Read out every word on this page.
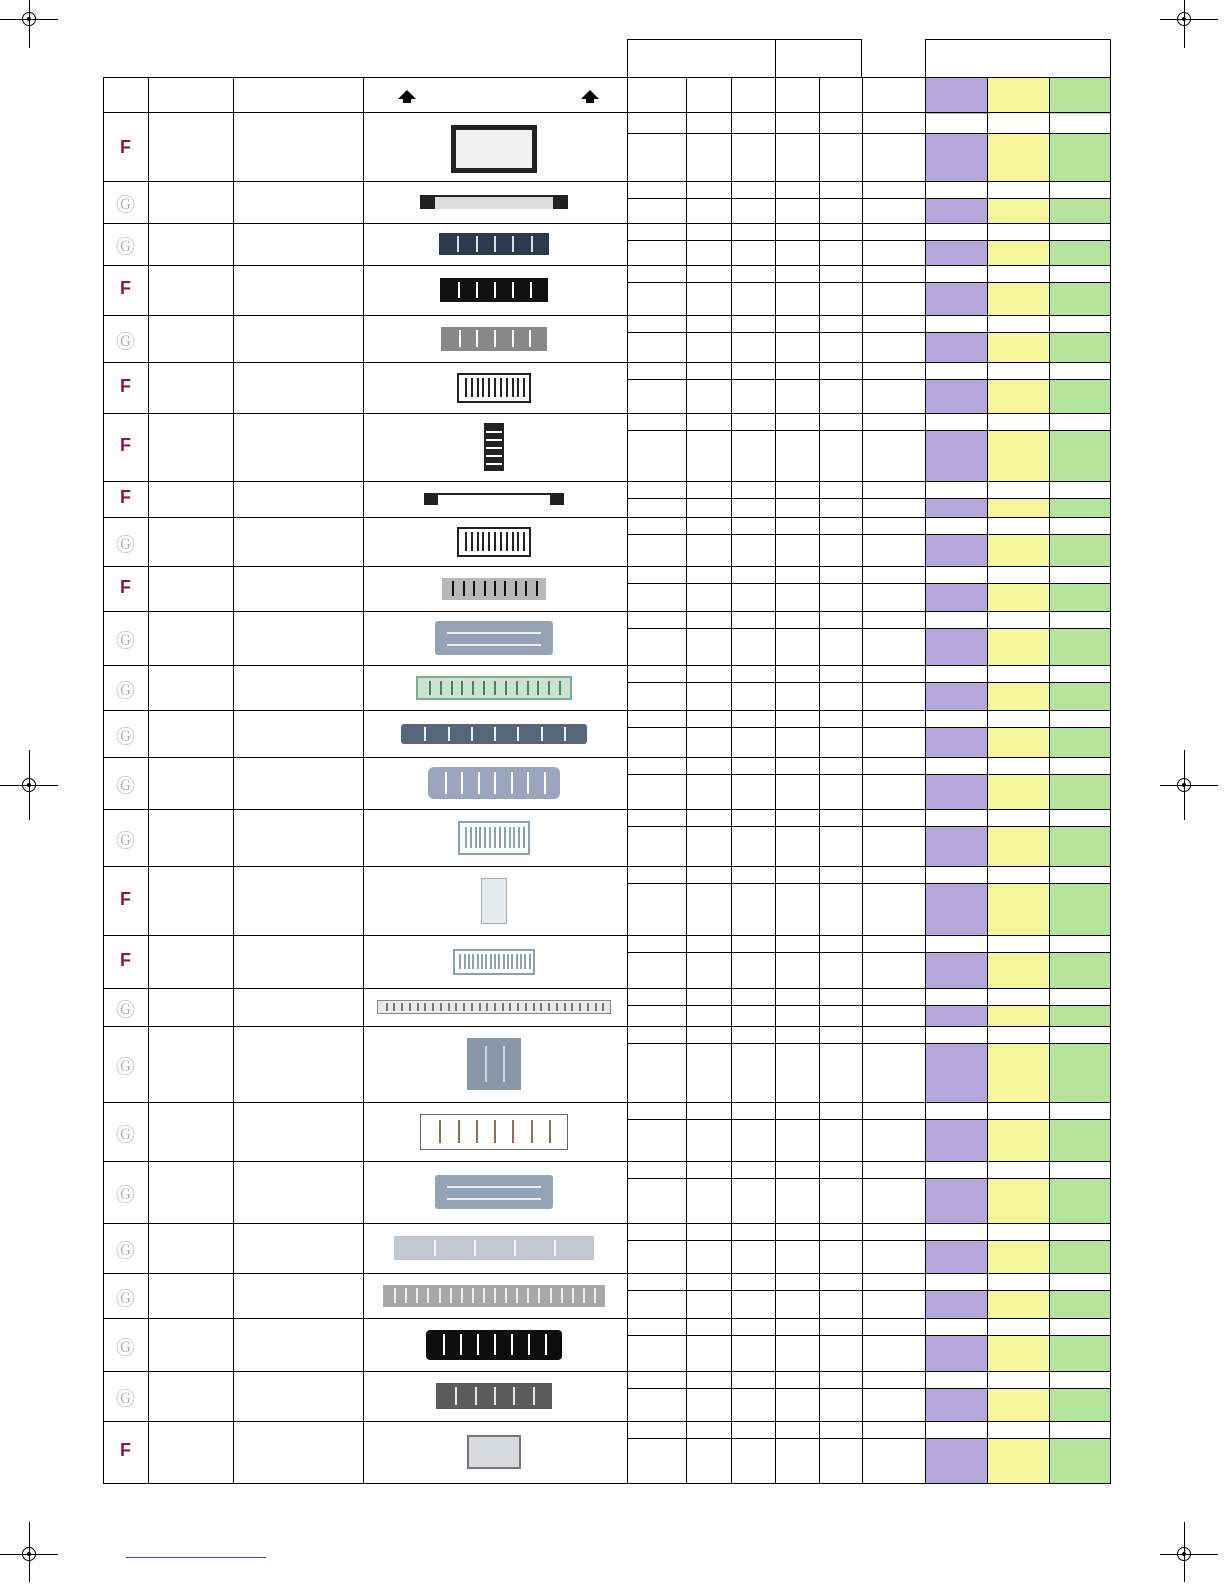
F
Ⓖ
Ⓖ
F
Ⓖ
F
F
F
Ⓖ
F
Ⓖ
Ⓖ
Ⓖ
Ⓖ
Ⓖ
F
F
Ⓖ
Ⓖ
Ⓖ
Ⓖ
Ⓖ
Ⓖ
Ⓖ
Ⓖ
F
